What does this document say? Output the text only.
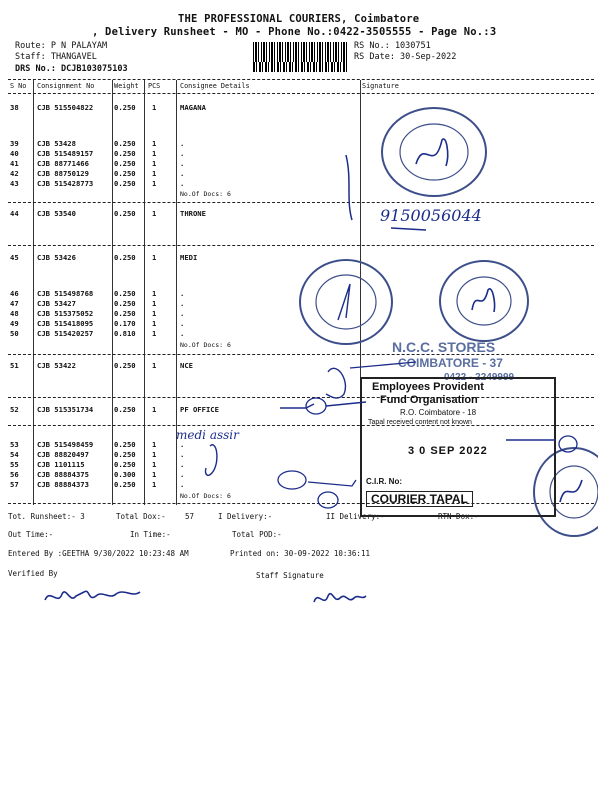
THE PROFESSIONAL COURIERS, Coimbatore
, Delivery Runsheet - MO - Phone No.:0422-3505555 - Page No.:3
Route: P N PALAYAM
Staff: THANGAVEL
DRS No.: DCJB103075103
RS No.: 1030751
RS Date: 30-Sep-2022
S No Consignment No	Weight PCS	Consignee Details	Signature
38	CJB 515504822	0.250 1	MAGANA
39	CJB 53428	0.250 1	.
40	CJB 515489157	0.250 1	.
41	CJB 88771466	0.250 1	.
42	CJB 88750129	0.250 1	.
43	CJB 515428773	0.250 1	.
No.Of Docs: 6
44	CJB 53540	0.250 1	THRONE
45	CJB 53426	0.250 1	MEDI
46	CJB 515498768	0.250 1	.
47	CJB 53427	0.250 1	.
48	CJB 515375052	0.250 1	.
49	CJB 515418095	0.170 1	.
50	CJB 515420257	0.810 1	.
No.Of Docs: 6
51	CJB 53422	0.250 1	NCE
52	CJB 515351734	0.250 1	PF OFFICE
53	CJB 515498459	0.250 1	.
54	CJB 88820497	0.250 1	.
55	CJB 1101115	0.250 1	.
56	CJB 88884375	0.300 1	.
57	CJB 88884373	0.250 1	.
No.Of Docs: 6
Tot. Runsheet:- 3	Total Dox:-	57	I Delivery:-	II Delivery:-	RTN Dox:-
Out Time:-	In Time:-	Total POD:-
Entered By :GEETHA 9/30/2022 10:23:48 AM	Printed on: 30-09-2022 10:36:11
Verified By	Staff Signature
N.C.C. STORES
COIMBATORE - 37
0422 - 2249999
Employees Provident
Fund Organisation
R.O. Coimbatore - 18
Tapal received content not known
3 0 SEP 2022
C.I.R. No:
COURIER TAPAL
9150056044
medi assir
